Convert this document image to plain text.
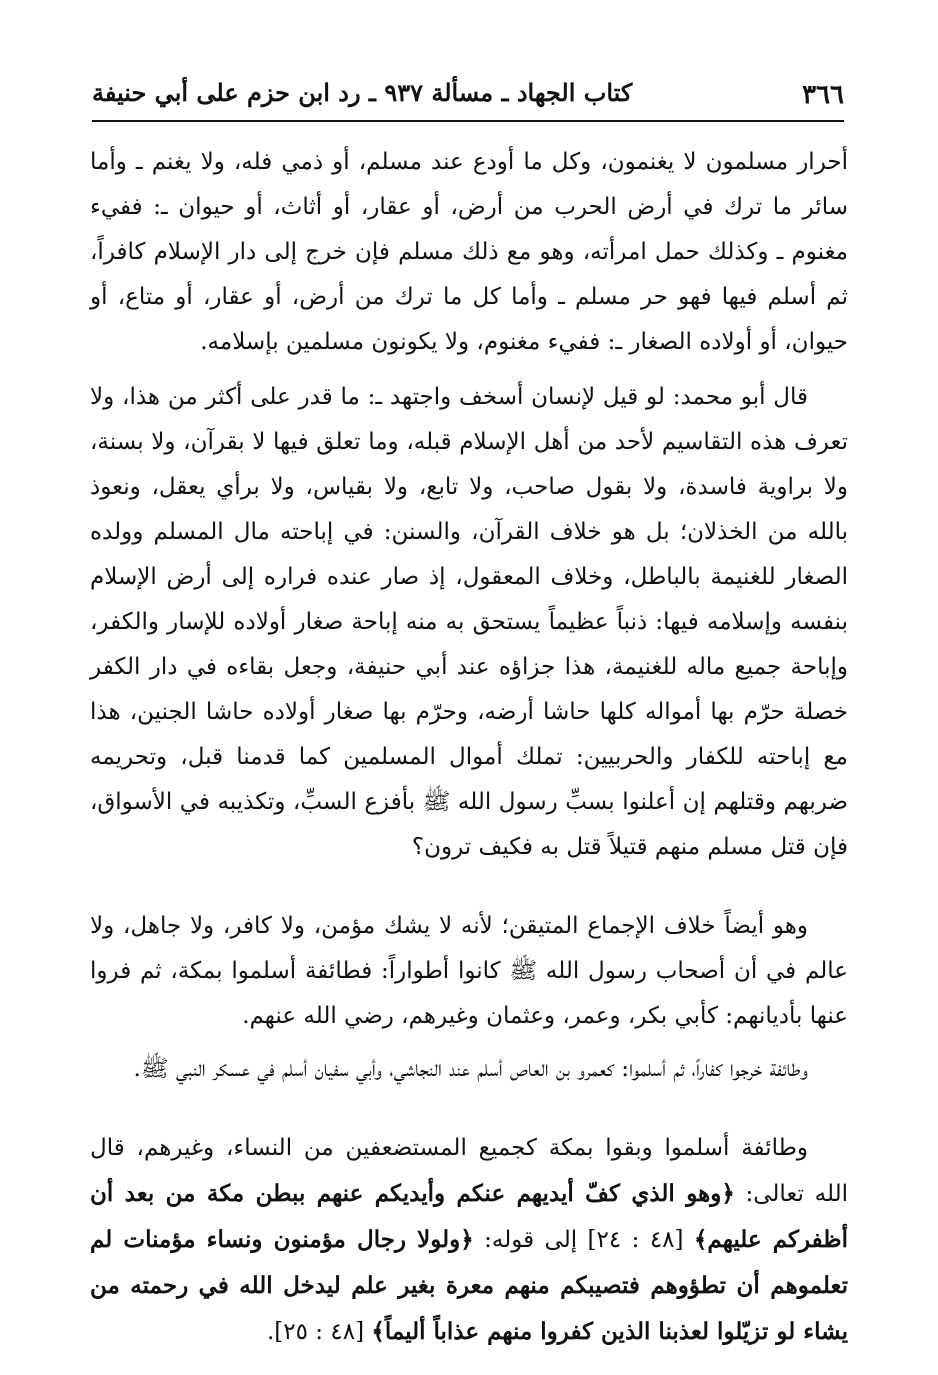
٣٦٦
كتاب الجهاد ـ مسألة ٩٣٧ ـ رد ابن حزم على أبي حنيفة

أحرار مسلمون لا يغنمون، وكل ما أودع عند مسلم، أو ذمي فله، ولا يغنم ـ وأما سائر ما ترك في أرض الحرب من أرض، أو عقار، أو أثاث، أو حيوان ـ: ففيء مغنوم ـ وكذلك حمل امرأته، وهو مع ذلك مسلم فإن خرج إلى دار الإسلام كافراً، ثم أسلم فيها فهو حر مسلم ـ وأما كل ما ترك من أرض، أو عقار، أو متاع، أو حيوان، أو أولاده الصغار ـ: ففيء مغنوم، ولا يكونون مسلمين بإسلامه.

قال أبو محمد: لو قيل لإنسان أسخف واجتهد ـ: ما قدر على أكثر من هذا، ولا تعرف هذه التقاسيم لأحد من أهل الإسلام قبله، وما تعلق فيها لا بقرآن، ولا بسنة، ولا براوية فاسدة، ولا بقول صاحب، ولا تابع، ولا بقياس، ولا برأي يعقل، ونعوذ بالله من الخذلان؛ بل هو خلاف القرآن، والسنن: في إباحته مال المسلم وولده الصغار للغنيمة بالباطل، وخلاف المعقول، إذ صار عنده فراره إلى أرض الإسلام بنفسه وإسلامه فيها: ذنباً عظيماً يستحق به منه إباحة صغار أولاده للإسار والكفر، وإباحة جميع ماله للغنيمة، هذا جزاؤه عند أبي حنيفة، وجعل بقاءه في دار الكفر خصلة حرّم بها أمواله كلها حاشا أرضه، وحرّم بها صغار أولاده حاشا الجنين، هذا مع إباحته للكفار والحربيين: تملك أموال المسلمين كما قدمنا قبل، وتحريمه ضربهم وقتلهم إن أعلنوا بسبِّ رسول الله ﷺ بأفزع السبِّ، وتكذيبه في الأسواق، فإن قتل مسلم منهم قتيلاً قتل به فكيف ترون؟

وهو أيضاً خلاف الإجماع المتيقن؛ لأنه لا يشك مؤمن، ولا كافر، ولا جاهل، ولا عالم في أن أصحاب رسول الله ﷺ كانوا أطواراً: فطائفة أسلموا بمكة، ثم فروا عنها بأديانهم: كأبي بكر، وعمر، وعثمان وغيرهم، رضي الله عنهم.

وطائفة خرجوا كفاراً، ثم أسلموا: كعمرو بن العاص أسلم عند النجاشي، وأبي سفيان أسلم في عسكر النبي ﷺ.

وطائفة أسلموا وبقوا بمكة كجميع المستضعفين من النساء، وغيرهم، قال الله تعالى: ﴿وهو الذي كفّ أيديهم عنكم وأيديكم عنهم ببطن مكة من بعد أن أظفركم عليهم﴾ [٤٨ : ٢٤] إلى قوله: ﴿ولولا رجال مؤمنون ونساء مؤمنات لم تعلموهم أن تطؤوهم فتصيبكم منهم معرة بغير علم ليدخل الله في رحمته من يشاء لو تزيّلوا لعذبنا الذين كفروا منهم عذاباً أليماً﴾ [٤٨ : ٢٥].
